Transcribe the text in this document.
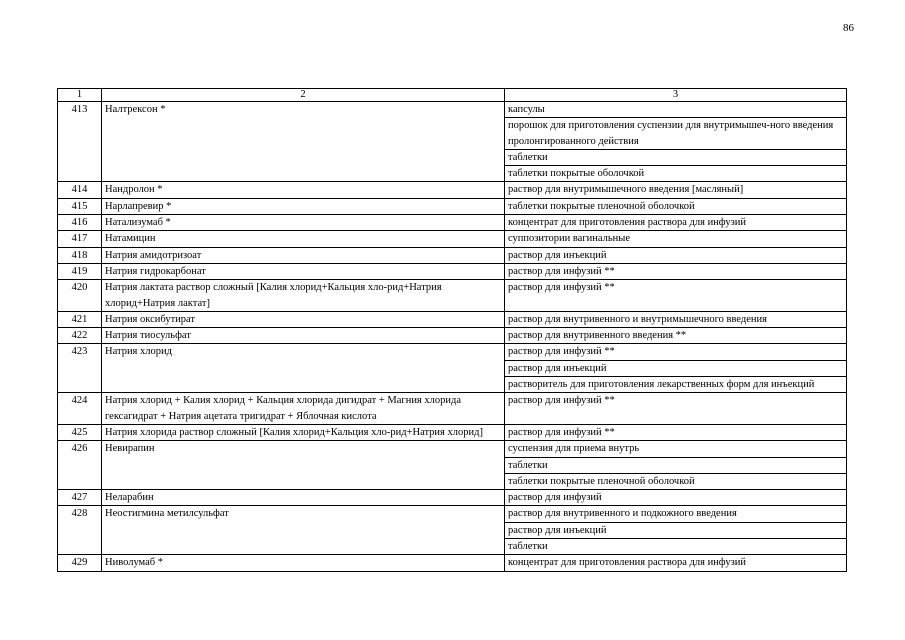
86
1	2	3
413	Налтрексон *	капсулы
порошок для приготовления суспензии для внутримышеч-ного введения пролонгированного действия
таблетки
таблетки покрытые оболочкой

414	Нандролон *	раствор для внутримышечного введения [масляный]

415	Нарлапревир *	таблетки покрытые пленочной оболочкой

416	Натализумаб *	концентрат для приготовления раствора для инфузий

417	Натамицин	суппозитории вагинальные

418	Натрия амидотризоат	раствор для инъекций

419	Натрия гидрокарбонат	раствор для инфузий **

420	Натрия лактата раствор сложный [Калия хлорид+Кальция хло-рид+Натрия хлорид+Натрия лактат]	раствор для инфузий **

421	Натрия оксибутират	раствор для внутривенного и внутримышечного введения

422	Натрия тиосульфат	раствор для внутривенного введения **

423	Натрия хлорид	раствор для инфузий **
раствор для инъекций
растворитель для приготовления лекарственных форм для инъекций

424	Натрия хлорид + Калия хлорид + Кальция хлорида дигидрат + Магния хлорида гексагидрат + Натрия ацетата тригидрат + Яблочная кислота	раствор для инфузий **

425	Натрия хлорида раствор сложный [Калия хлорид+Кальция хло-рид+Натрия хлорид]	раствор для инфузий **

426	Невирапин	суспензия для приема внутрь
таблетки
таблетки покрытые пленочной оболочкой

427	Неларабин	раствор для инфузий

428	Неостигмина метилсульфат	раствор для внутривенного и подкожного введения
раствор для инъекций
таблетки

429	Ниволумаб *	концентрат для приготовления раствора для инфузий
